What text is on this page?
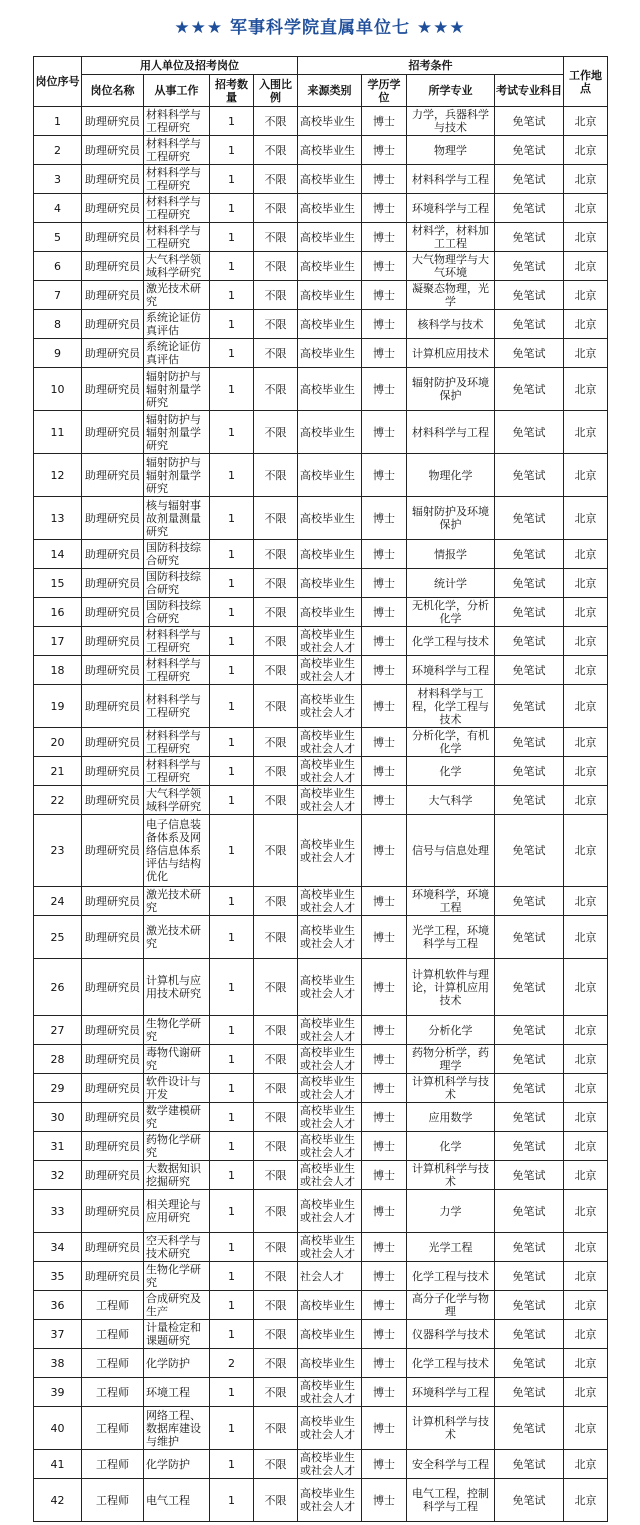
★★★ 军事科学院直属单位七 ★★★
岗位序号	用人单位及招考岗位				招考条件				工作地点
	岗位名称	从事工作	招考数量	入围比例	来源类别	学历学位	所学专业	考试专业科目	
1	助理研究员	材料科学与工程研究	1	不限	高校毕业生	博士	力学，兵器科学与技术	免笔试	北京
2	助理研究员	材料科学与工程研究	1	不限	高校毕业生	博士	物理学	免笔试	北京
3	助理研究员	材料科学与工程研究	1	不限	高校毕业生	博士	材料科学与工程	免笔试	北京
4	助理研究员	材料科学与工程研究	1	不限	高校毕业生	博士	环境科学与工程	免笔试	北京
5	助理研究员	材料科学与工程研究	1	不限	高校毕业生	博士	材料学，材料加工工程	免笔试	北京
6	助理研究员	大气科学领域科学研究	1	不限	高校毕业生	博士	大气物理学与大气环境	免笔试	北京
7	助理研究员	激光技术研究	1	不限	高校毕业生	博士	凝聚态物理，光学	免笔试	北京
8	助理研究员	系统论证仿真评估	1	不限	高校毕业生	博士	核科学与技术	免笔试	北京
9	助理研究员	系统论证仿真评估	1	不限	高校毕业生	博士	计算机应用技术	免笔试	北京
10	助理研究员	辐射防护与辐射剂量学研究	1	不限	高校毕业生	博士	辐射防护及环境保护	免笔试	北京
11	助理研究员	辐射防护与辐射剂量学研究	1	不限	高校毕业生	博士	材料科学与工程	免笔试	北京
12	助理研究员	辐射防护与辐射剂量学研究	1	不限	高校毕业生	博士	物理化学	免笔试	北京
13	助理研究员	核与辐射事故剂量测量研究	1	不限	高校毕业生	博士	辐射防护及环境保护	免笔试	北京
14	助理研究员	国防科技综合研究	1	不限	高校毕业生	博士	情报学	免笔试	北京
15	助理研究员	国防科技综合研究	1	不限	高校毕业生	博士	统计学	免笔试	北京
16	助理研究员	国防科技综合研究	1	不限	高校毕业生	博士	无机化学，分析化学	免笔试	北京
17	助理研究员	材料科学与工程研究	1	不限	高校毕业生或社会人才	博士	化学工程与技术	免笔试	北京
18	助理研究员	材料科学与工程研究	1	不限	高校毕业生或社会人才	博士	环境科学与工程	免笔试	北京
19	助理研究员	材料科学与工程研究	1	不限	高校毕业生或社会人才	博士	材料科学与工程，化学工程与技术	免笔试	北京
20	助理研究员	材料科学与工程研究	1	不限	高校毕业生或社会人才	博士	分析化学，有机化学	免笔试	北京
21	助理研究员	材料科学与工程研究	1	不限	高校毕业生或社会人才	博士	化学	免笔试	北京
22	助理研究员	大气科学领域科学研究	1	不限	高校毕业生或社会人才	博士	大气科学	免笔试	北京
23	助理研究员	电子信息装备体系及网络信息体系评估与结构优化	1	不限	高校毕业生或社会人才	博士	信号与信息处理	免笔试	北京
24	助理研究员	激光技术研究	1	不限	高校毕业生或社会人才	博士	环境科学，环境工程	免笔试	北京
25	助理研究员	激光技术研究	1	不限	高校毕业生或社会人才	博士	光学工程，环境科学与工程	免笔试	北京
26	助理研究员	计算机与应用技术研究	1	不限	高校毕业生或社会人才	博士	计算机软件与理论，计算机应用技术	免笔试	北京
27	助理研究员	生物化学研究	1	不限	高校毕业生或社会人才	博士	分析化学	免笔试	北京
28	助理研究员	毒物代谢研究	1	不限	高校毕业生或社会人才	博士	药物分析学，药理学	免笔试	北京
29	助理研究员	软件设计与开发	1	不限	高校毕业生或社会人才	博士	计算机科学与技术	免笔试	北京
30	助理研究员	数学建模研究	1	不限	高校毕业生或社会人才	博士	应用数学	免笔试	北京
31	助理研究员	药物化学研究	1	不限	高校毕业生或社会人才	博士	化学	免笔试	北京
32	助理研究员	大数据知识挖掘研究	1	不限	高校毕业生或社会人才	博士	计算机科学与技术	免笔试	北京
33	助理研究员	相关理论与应用研究	1	不限	高校毕业生或社会人才	博士	力学	免笔试	北京
34	助理研究员	空天科学与技术研究	1	不限	高校毕业生或社会人才	博士	光学工程	免笔试	北京
35	助理研究员	生物化学研究	1	不限	社会人才	博士	化学工程与技术	免笔试	北京
36	工程师	合成研究及生产	1	不限	高校毕业生	博士	高分子化学与物理	免笔试	北京
37	工程师	计量检定和课题研究	1	不限	高校毕业生	博士	仪器科学与技术	免笔试	北京
38	工程师	化学防护	2	不限	高校毕业生	博士	化学工程与技术	免笔试	北京
39	工程师	环境工程	1	不限	高校毕业生或社会人才	博士	环境科学与工程	免笔试	北京
40	工程师	网络工程、数据库建设与维护	1	不限	高校毕业生或社会人才	博士	计算机科学与技术	免笔试	北京
41	工程师	化学防护	1	不限	高校毕业生或社会人才	博士	安全科学与工程	免笔试	北京
42	工程师	电气工程	1	不限	高校毕业生或社会人才	博士	电气工程，控制科学与工程	免笔试	北京
